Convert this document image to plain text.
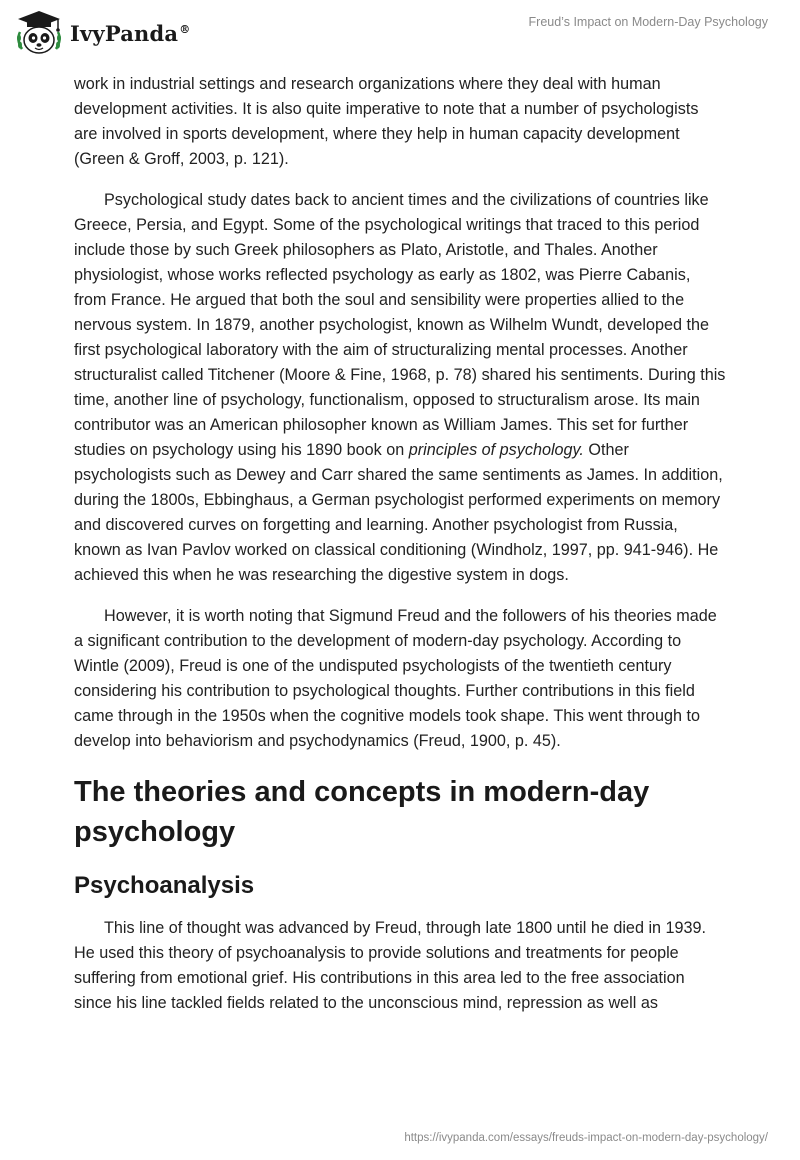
IvyPanda®	Freud’s Impact on Modern-Day Psychology

work in industrial settings and research organizations where they deal with human development activities. It is also quite imperative to note that a number of psychologists are involved in sports development, where they help in human capacity development (Green & Groff, 2003, p. 121).

Psychological study dates back to ancient times and the civilizations of countries like Greece, Persia, and Egypt. Some of the psychological writings that traced to this period include those by such Greek philosophers as Plato, Aristotle, and Thales. Another physiologist, whose works reflected psychology as early as 1802, was Pierre Cabanis, from France. He argued that both the soul and sensibility were properties allied to the nervous system. In 1879, another psychologist, known as Wilhelm Wundt, developed the first psychological laboratory with the aim of structuralizing mental processes. Another structuralist called Titchener (Moore & Fine, 1968, p. 78) shared his sentiments. During this time, another line of psychology, functionalism, opposed to structuralism arose. Its main contributor was an American philosopher known as William James. This set for further studies on psychology using his 1890 book on principles of psychology. Other psychologists such as Dewey and Carr shared the same sentiments as James. In addition, during the 1800s, Ebbinghaus, a German psychologist performed experiments on memory and discovered curves on forgetting and learning. Another psychologist from Russia, known as Ivan Pavlov worked on classical conditioning (Windholz, 1997, pp. 941-946). He achieved this when he was researching the digestive system in dogs.

However, it is worth noting that Sigmund Freud and the followers of his theories made a significant contribution to the development of modern-day psychology. According to Wintle (2009), Freud is one of the undisputed psychologists of the twentieth century considering his contribution to psychological thoughts. Further contributions in this field came through in the 1950s when the cognitive models took shape. This went through to develop into behaviorism and psychodynamics (Freud, 1900, p. 45).

The theories and concepts in modern-day psychology
Psychoanalysis

This line of thought was advanced by Freud, through late 1800 until he died in 1939. He used this theory of psychoanalysis to provide solutions and treatments for people suffering from emotional grief. His contributions in this area led to the free association since his line tackled fields related to the unconscious mind, repression as well as

https://ivypanda.com/essays/freuds-impact-on-modern-day-psychology/
